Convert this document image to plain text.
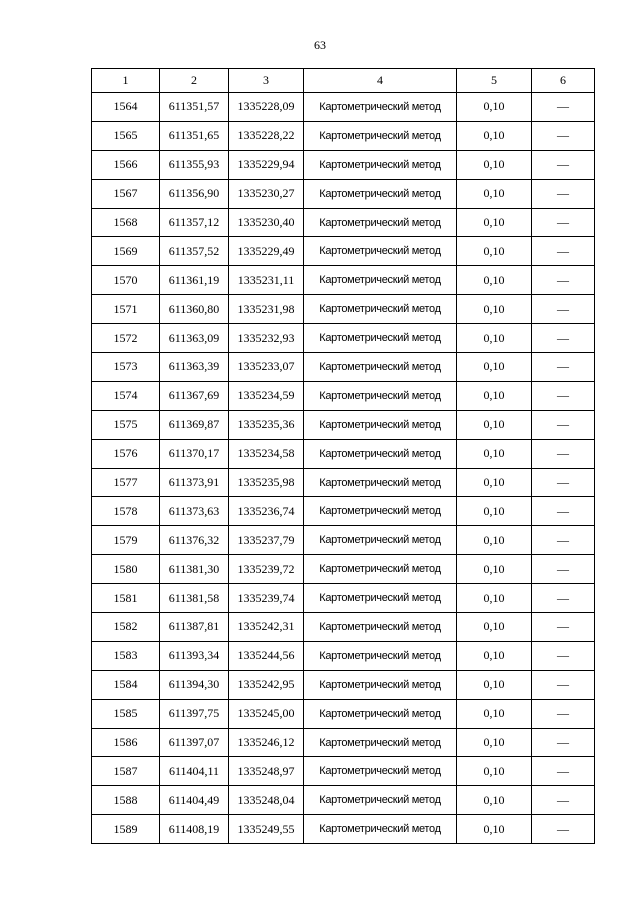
63
1	2	3	4	5	6
1564	611351,57	1335228,09	Картометрический метод	0,10	—
1565	611351,65	1335228,22	Картометрический метод	0,10	—
1566	611355,93	1335229,94	Картометрический метод	0,10	—
1567	611356,90	1335230,27	Картометрический метод	0,10	—
1568	611357,12	1335230,40	Картометрический метод	0,10	—
1569	611357,52	1335229,49	Картометрический метод	0,10	—
1570	611361,19	1335231,11	Картометрический метод	0,10	—
1571	611360,80	1335231,98	Картометрический метод	0,10	—
1572	611363,09	1335232,93	Картометрический метод	0,10	—
1573	611363,39	1335233,07	Картометрический метод	0,10	—
1574	611367,69	1335234,59	Картометрический метод	0,10	—
1575	611369,87	1335235,36	Картометрический метод	0,10	—
1576	611370,17	1335234,58	Картометрический метод	0,10	—
1577	611373,91	1335235,98	Картометрический метод	0,10	—
1578	611373,63	1335236,74	Картометрический метод	0,10	—
1579	611376,32	1335237,79	Картометрический метод	0,10	—
1580	611381,30	1335239,72	Картометрический метод	0,10	—
1581	611381,58	1335239,74	Картометрический метод	0,10	—
1582	611387,81	1335242,31	Картометрический метод	0,10	—
1583	611393,34	1335244,56	Картометрический метод	0,10	—
1584	611394,30	1335242,95	Картометрический метод	0,10	—
1585	611397,75	1335245,00	Картометрический метод	0,10	—
1586	611397,07	1335246,12	Картометрический метод	0,10	—
1587	611404,11	1335248,97	Картометрический метод	0,10	—
1588	611404,49	1335248,04	Картометрический метод	0,10	—
1589	611408,19	1335249,55	Картометрический метод	0,10	—
